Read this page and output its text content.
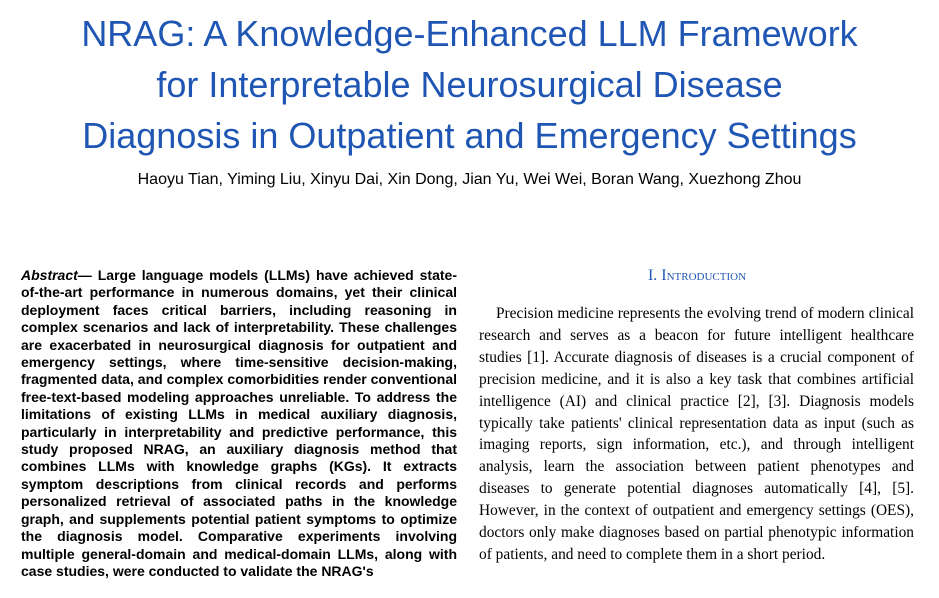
NRAG: A Knowledge-Enhanced LLM Framework
for Interpretable Neurosurgical Disease
Diagnosis in Outpatient and Emergency Settings
Haoyu Tian, Yiming Liu, Xinyu Dai, Xin Dong, Jian Yu, Wei Wei, Boran Wang, Xuezhong Zhou

Abstract— Large language models (LLMs) have achieved state-of-the-art performance in numerous domains, yet their clinical deployment faces critical barriers, including reasoning in complex scenarios and lack of interpretability. These challenges are exacerbated in neurosurgical diagnosis for outpatient and emergency settings, where time-sensitive decision-making, fragmented data, and complex comorbidities render conventional free-text-based modeling approaches unreliable. To address the limitations of existing LLMs in medical auxiliary diagnosis, particularly in interpretability and predictive performance, this study proposed NRAG, an auxiliary diagnosis method that combines LLMs with knowledge graphs (KGs). It extracts symptom descriptions from clinical records and performs personalized retrieval of associated paths in the knowledge graph, and supplements potential patient symptoms to optimize the diagnosis model. Comparative experiments involving multiple general-domain and medical-domain LLMs, along with case studies, were conducted to validate the NRAG's

I. Introduction

Precision medicine represents the evolving trend of modern clinical research and serves as a beacon for future intelligent healthcare studies [1]. Accurate diagnosis of diseases is a crucial component of precision medicine, and it is also a key task that combines artificial intelligence (AI) and clinical practice [2], [3]. Diagnosis models typically take patients' clinical representation data as input (such as imaging reports, sign information, etc.), and through intelligent analysis, learn the association between patient phenotypes and diseases to generate potential diagnoses automatically [4], [5]. However, in the context of outpatient and emergency settings (OES), doctors only make diagnoses based on partial phenotypic information of patients, and need to complete them in a short period.
